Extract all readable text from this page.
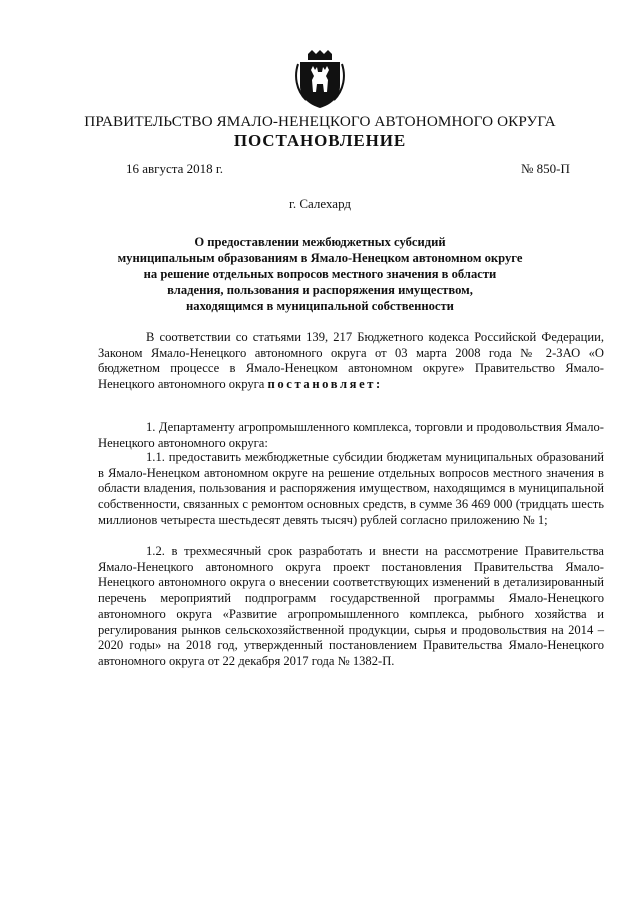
ПРАВИТЕЛЬСТВО ЯМАЛО-НЕНЕЦКОГО АВТОНОМНОГО ОКРУГА
ПОСТАНОВЛЕНИЕ
16 августа 2018 г.	№ 850-П
г. Салехард
О предоставлении межбюджетных субсидий
муниципальным образованиям в Ямало-Ненецком автономном округе
на решение отдельных вопросов местного значения в области
владения, пользования и распоряжения имуществом,
находящимся в муниципальной собственности
В соответствии со статьями 139, 217 Бюджетного кодекса Российской Федерации, Законом Ямало-Ненецкого автономного округа от 03 марта 2008 года № 2-ЗАО «О бюджетном процессе в Ямало-Ненецком автономном округе» Правительство Ямало-Ненецкого автономного округа постановляет:
1. Департаменту агропромышленного комплекса, торговли и продовольствия Ямало-Ненецкого автономного округа:
1.1. предоставить межбюджетные субсидии бюджетам муниципальных образований в Ямало-Ненецком автономном округе на решение отдельных вопросов местного значения в области владения, пользования и распоряжения имуществом, находящимся в муниципальной собственности, связанных с ремонтом основных средств, в сумме 36 469 000 (тридцать шесть миллионов четыреста шестьдесят девять тысяч) рублей согласно приложению № 1;
1.2. в трехмесячный срок разработать и внести на рассмотрение Правительства Ямало-Ненецкого автономного округа проект постановления Правительства Ямало-Ненецкого автономного округа о внесении соответствующих изменений в детализированный перечень мероприятий подпрограмм государственной программы Ямало-Ненецкого автономного округа «Развитие агропромышленного комплекса, рыбного хозяйства и регулирования рынков сельскохозяйственной продукции, сырья и продовольствия на 2014 – 2020 годы» на 2018 год, утвержденный постановлением Правительства Ямало-Ненецкого автономного округа от 22 декабря 2017 года № 1382-П.
